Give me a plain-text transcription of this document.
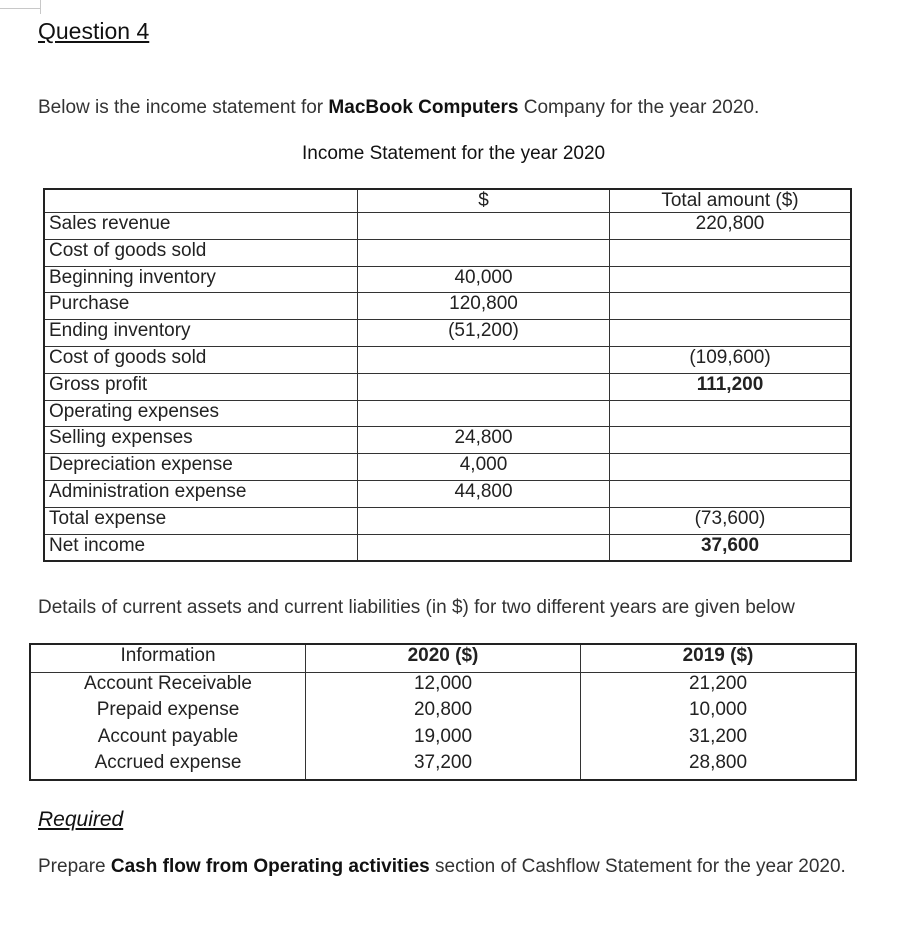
Question 4
Below is the income statement for MacBook Computers Company for the year 2020.
Income Statement for the year 2020
	$	Total amount ($)
Sales revenue		220,800
Cost of goods sold		
Beginning inventory	40,000	
Purchase	120,800	
Ending inventory	(51,200)	
Cost of goods sold		(109,600)
Gross profit		111,200
Operating expenses		
Selling expenses	24,800	
Depreciation expense	4,000	
Administration expense	44,800	
Total expense		(73,600)
Net income		37,600
Details of current assets and current liabilities (in $) for two different years are given below
Information	2020 ($)	2019 ($)
Account Receivable	12,000	21,200
Prepaid expense	20,800	10,000
Account payable	19,000	31,200
Accrued expense	37,200	28,800
Required
Prepare Cash flow from Operating activities section of Cashflow Statement for the year 2020.
